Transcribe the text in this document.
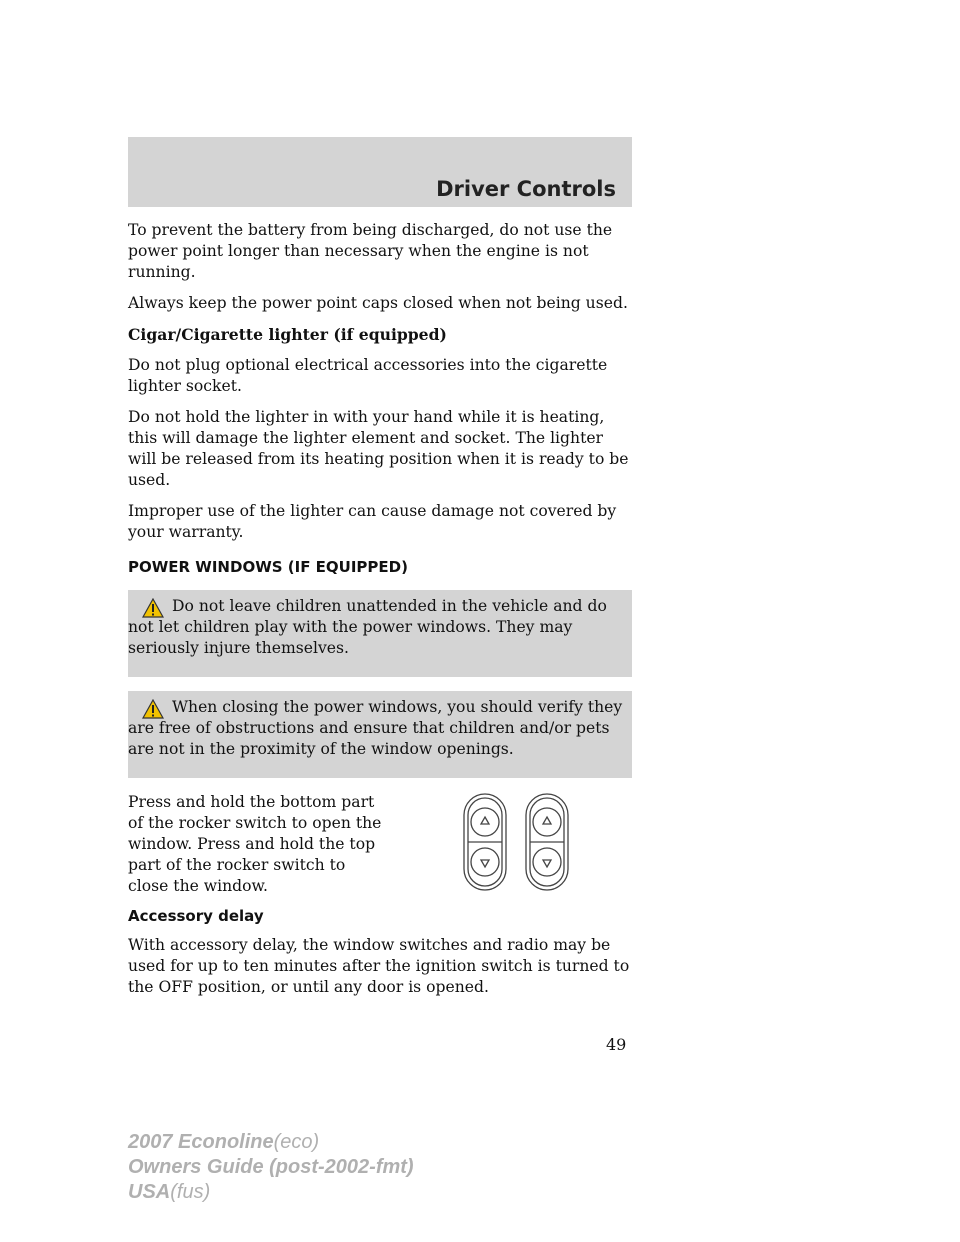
Driver Controls

To prevent the battery from being discharged, do not use the power point longer than necessary when the engine is not running.

Always keep the power point caps closed when not being used.

Cigar/Cigarette lighter (if equipped)

Do not plug optional electrical accessories into the cigarette lighter socket.

Do not hold the lighter in with your hand while it is heating, this will damage the lighter element and socket. The lighter will be released from its heating position when it is ready to be used.

Improper use of the lighter can cause damage not covered by your warranty.

POWER WINDOWS (IF EQUIPPED)

Do not leave children unattended in the vehicle and do not let children play with the power windows. They may seriously injure themselves.

When closing the power windows, you should verify they are free of obstructions and ensure that children and/or pets are not in the proximity of the window openings.

Press and hold the bottom part of the rocker switch to open the window. Press and hold the top part of the rocker switch to close the window.
Accessory delay

With accessory delay, the window switches and radio may be used for up to ten minutes after the ignition switch is turned to the OFF position, or until any door is opened.

49
2007 Econoline(eco)
Owners Guide (post-2002-fmt)
USA(fus)
